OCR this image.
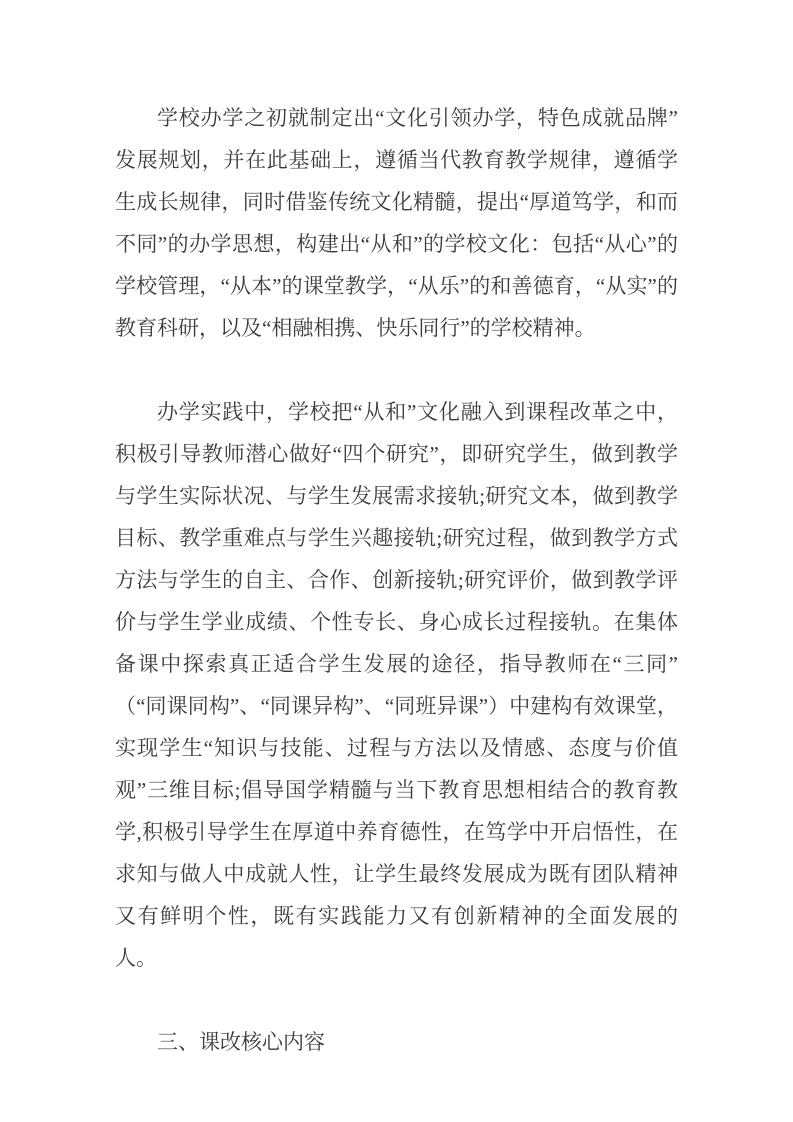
学校办学之初就制定出“文化引领办学，特色成就品牌”发展规划，并在此基础上，遵循当代教育教学规律，遵循学生成长规律，同时借鉴传统文化精髓，提出“厚道笃学，和而不同”的办学思想，构建出“从和”的学校文化：包括“从心”的学校管理，“从本”的课堂教学，“从乐”的和善德育，“从实”的教育科研，以及“相融相携、快乐同行”的学校精神。

办学实践中，学校把“从和”文化融入到课程改革之中，积极引导教师潜心做好“四个研究”，即研究学生，做到教学与学生实际状况、与学生发展需求接轨;研究文本，做到教学目标、教学重难点与学生兴趣接轨;研究过程，做到教学方式方法与学生的自主、合作、创新接轨;研究评价，做到教学评价与学生学业成绩、个性专长、身心成长过程接轨。在集体备课中探索真正适合学生发展的途径，指导教师在“三同”（“同课同构”、“同课异构”、“同班异课”）中建构有效课堂，实现学生“知识与技能、过程与方法以及情感、态度与价值观”三维目标;倡导国学精髓与当下教育思想相结合的教育教学,积极引导学生在厚道中养育德性，在笃学中开启悟性，在求知与做人中成就人性，让学生最终发展成为既有团队精神又有鲜明个性，既有实践能力又有创新精神的全面发展的人。

三、课改核心内容
